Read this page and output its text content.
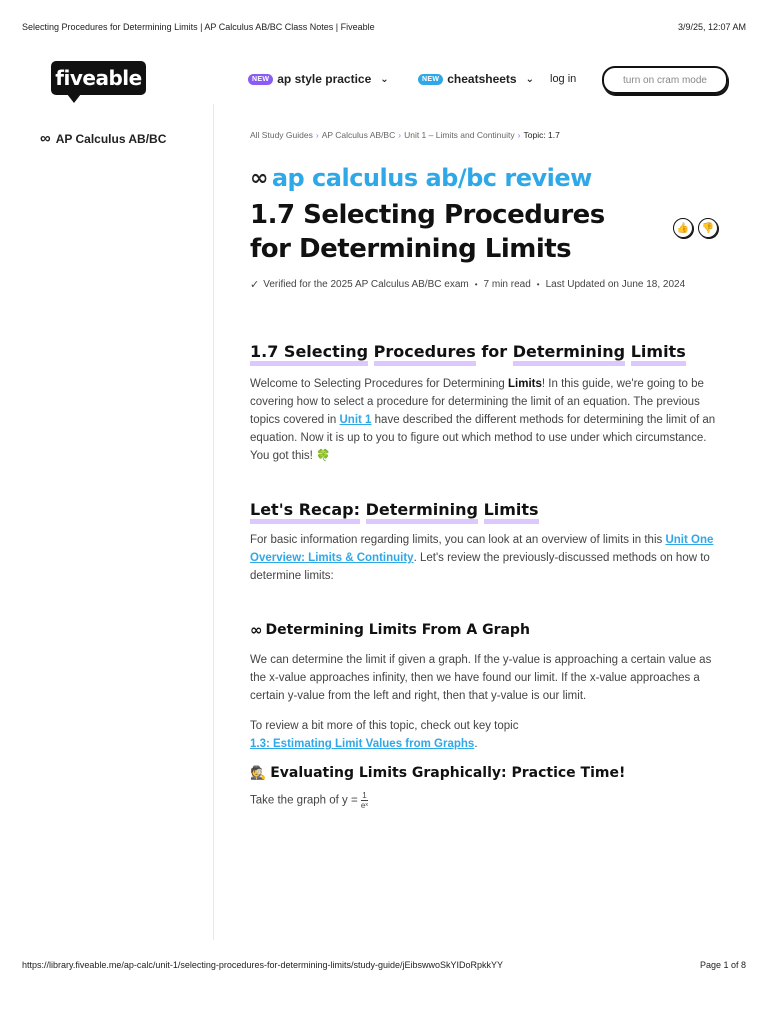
Selecting Procedures for Determining Limits | AP Calculus AB/BC Class Notes | Fiveable	3/9/25, 12:07 AM
fiveable	NEW ap style practice ⌄	NEW cheatsheets ⌄ log in	turn on cram mode
∞ AP Calculus AB/BC	All Study Guides › AP Calculus AB/BC › Unit 1 – Limits and Continuity › Topic: 1.7
∞ ap calculus ab/bc review
1.7 Selecting Procedures for Determining Limits
👍	👎
✓ Verified for the 2025 AP Calculus AB/BC exam • 7 min read • Last Updated on June 18, 2024
1.7 Selecting Procedures for Determining Limits

Welcome to Selecting Procedures for Determining Limits! In this guide, we're going to be covering how to select a procedure for determining the limit of an equation. The previous topics covered in Unit 1 have described the different methods for determining the limit of an equation. Now it is up to you to figure out which method to use under which circumstance. You got this! 🍀

Let's Recap: Determining Limits

For basic information regarding limits, you can look at an overview of limits in this Unit One Overview: Limits & Continuity. Let's review the previously-discussed methods on how to determine limits:

∞ Determining Limits From A Graph

We can determine the limit if given a graph. If the y-value is approaching a certain value as the x-value approaches infinity, then we have found our limit. If the x-value approaches a certain y-value from the left and right, then that y-value is our limit.

To review a bit more of this topic, check out key topic
1.3: Estimating Limit Values from Graphs.

🕵 Evaluating Limits Graphically: Practice Time!

Take the graph of $y = \frac{1}{\text{eˣ}}$

https://library.fiveable.me/ap-calc/unit-1/selecting-procedures-for-determining-limits/study-guide/jEibswwoSkYIDoRpkkYY	Page 1 of 8
